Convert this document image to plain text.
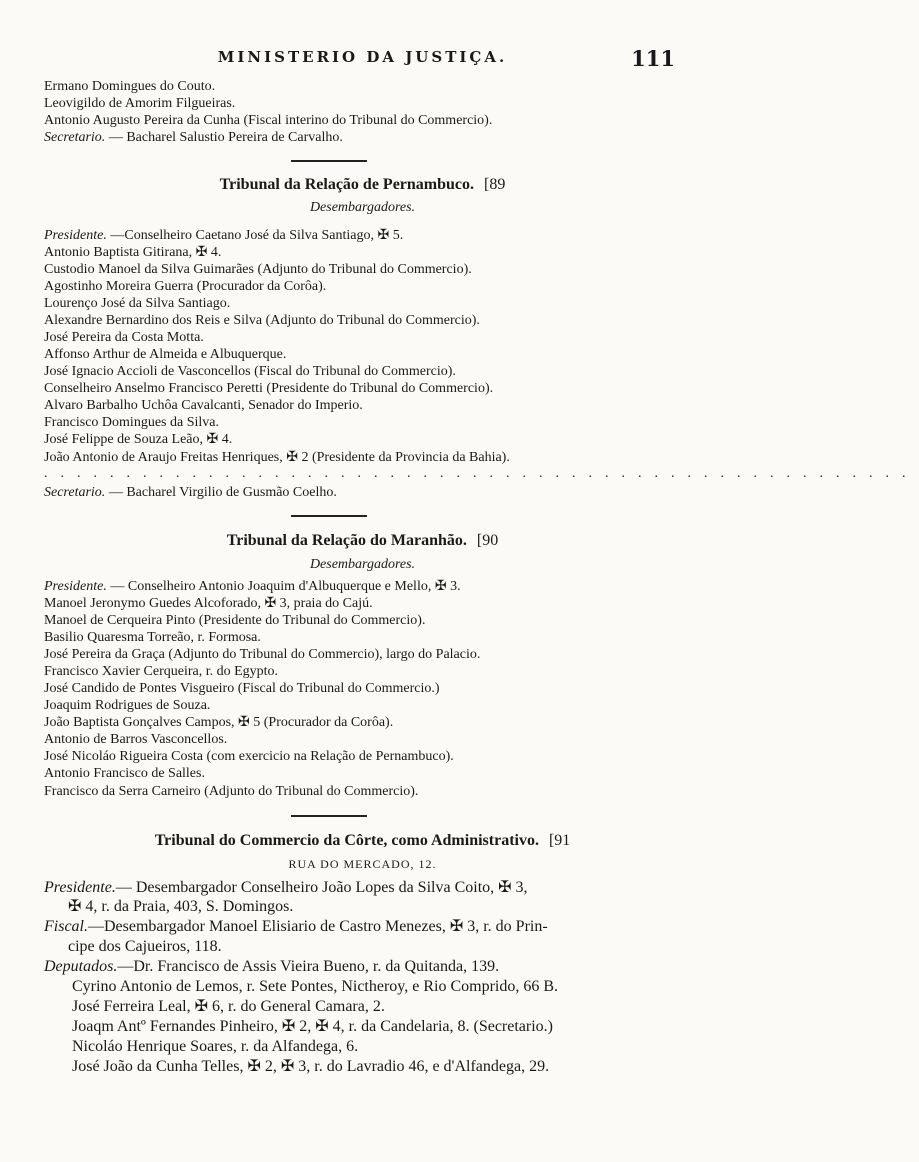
MINISTERIO DA JUSTIÇA.	111
Ermano Domingues do Couto.
Leovigildo de Amorim Filgueiras.
Antonio Augusto Pereira da Cunha (Fiscal interino do Tribunal do Commercio).
Secretario. — Bacharel Salustio Pereira de Carvalho.
Tribunal da Relação de Pernambuco. [89
Desembargadores.
Presidente. —Conselheiro Caetano José da Silva Santiago, ✠ 5.
Antonio Baptista Gitirana, ✠ 4.
Custodio Manoel da Silva Guimarães (Adjunto do Tribunal do Commercio).
Agostinho Moreira Guerra (Procurador da Corôa).
Lourenço José da Silva Santiago.
Alexandre Bernardino dos Reis e Silva (Adjunto do Tribunal do Commercio).
José Pereira da Costa Motta.
Affonso Arthur de Almeida e Albuquerque.
José Ignacio Accioli de Vasconcellos (Fiscal do Tribunal do Commercio).
Conselheiro Anselmo Francisco Peretti (Presidente do Tribunal do Commercio).
Alvaro Barbalho Uchôa Cavalcanti, Senador do Imperio.
Francisco Domingues da Silva.
José Felippe de Souza Leão, ✠ 4.
João Antonio de Araujo Freitas Henriques, ✠ 2 (Presidente da Provincia da Bahia).
.....................................................
Secretario. — Bacharel Virgilio de Gusmão Coelho.
Tribunal da Relação do Maranhão. [90
Desembargadores.
Presidente. — Conselheiro Antonio Joaquim d'Albuquerque e Mello, ✠ 3.
Manoel Jeronymo Guedes Alcoforado, ✠ 3, praia do Cajú.
Manoel de Cerqueira Pinto (Presidente do Tribunal do Commercio).
Basilio Quaresma Torreão, r. Formosa.
José Pereira da Graça (Adjunto do Tribunal do Commercio), largo do Palacio.
Francisco Xavier Cerqueira, r. do Egypto.
José Candido de Pontes Visgueiro (Fiscal do Tribunal do Commercio.)
Joaquim Rodrigues de Souza.
João Baptista Gonçalves Campos, ✠ 5 (Procurador da Corôa).
Antonio de Barros Vasconcellos.
José Nicoláo Rigueira Costa (com exercicio na Relação de Pernambuco).
Antonio Francisco de Salles.
Francisco da Serra Carneiro (Adjunto do Tribunal do Commercio).
Tribunal do Commercio da Côrte, como Administrativo. [91
RUA DO MERCADO, 12.
Presidente.— Desembargador Conselheiro João Lopes da Silva Coito, ✠ 3,
✠ 4, r. da Praia, 403, S. Domingos.
Fiscal.—Desembargador Manoel Elisiario de Castro Menezes, ✠ 3, r. do Prin-
cipe dos Cajueiros, 118.
Deputados.—Dr. Francisco de Assis Vieira Bueno, r. da Quitanda, 139.
Cyrino Antonio de Lemos, r. Sete Pontes, Nictheroy, e Rio Comprido, 66 B.
José Ferreira Leal, ✠ 6, r. do General Camara, 2.
Joaqm Antº Fernandes Pinheiro, ✠ 2, ✠ 4, r. da Candelaria, 8. (Secretario.)
Nicoláo Henrique Soares, r. da Alfandega, 6.
José João da Cunha Telles, ✠ 2, ✠ 3, r. do Lavradio 46, e d'Alfandega, 29.
